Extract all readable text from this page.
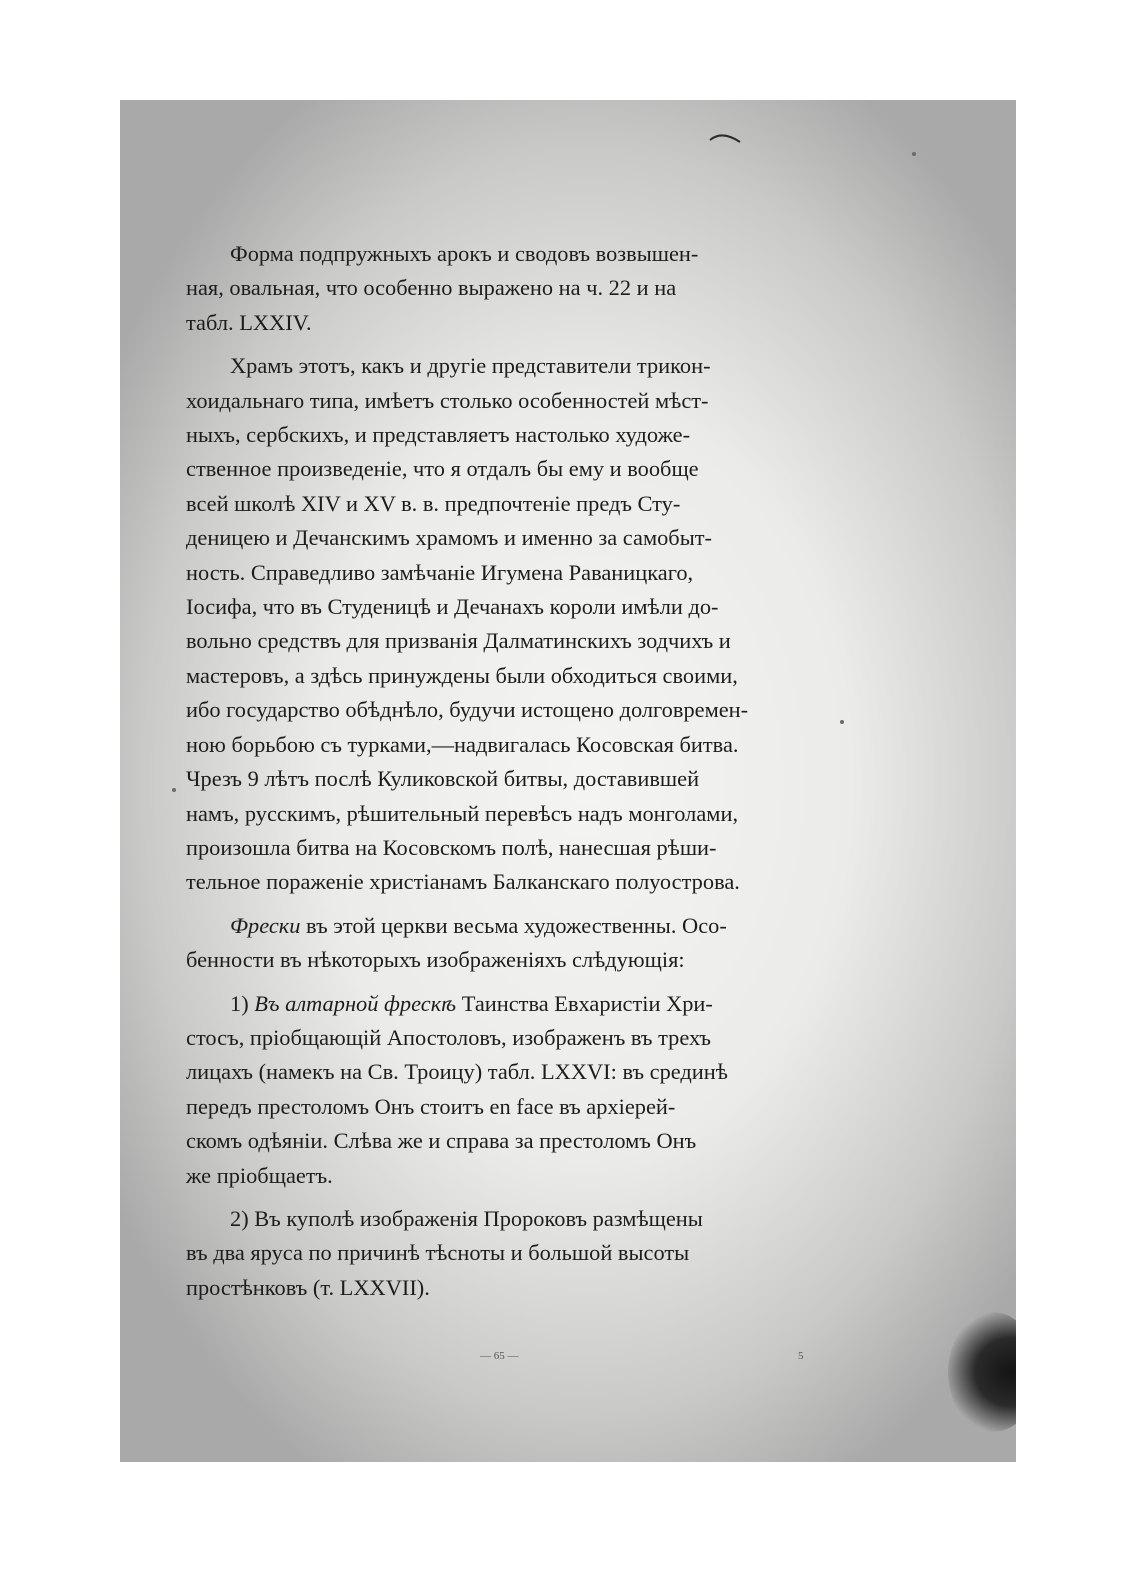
Форма подпружныхъ арокъ и сводовъ возвышен-
ная, овальная, что особенно выражено на ч. 22 и на
табл. LXXIV.
Храмъ этотъ, какъ и другіе представители трикон-
хоидальнаго типа, имѣетъ столько особенностей мѣст-
ныхъ, сербскихъ, и представляетъ настолько художе-
ственное произведеніе, что я отдалъ бы ему и вообще
всей школѣ XIV и XV в. в. предпочтеніе предъ Сту-
деницею и Дечанскимъ храмомъ и именно за самобыт-
ность. Справедливо замѣчаніе Игумена Раваницкаго,
Іосифа, что въ Студеницѣ и Дечанахъ короли имѣли до-
вольно средствъ для призванія Далматинскихъ зодчихъ и
мастеровъ, а здѣсь принуждены были обходиться своими,
ибо государство обѣднѣло, будучи истощено долговремен-
ною борьбою съ турками,—надвигалась Косовская битва.
Чрезъ 9 лѣтъ послѣ Куликовской битвы, доставившей
намъ, русскимъ, рѣшительный перевѣсъ надъ монголами,
произошла битва на Косовскомъ полѣ, нанесшая рѣши-
тельное пораженіе христіанамъ Балканскаго полуострова.
Фрески въ этой церкви весьма художественны. Осо-
бенности въ нѣкоторыхъ изображеніяхъ слѣдующія:
1) Въ алтарной фрескѣ Таинства Евхаристіи Хри-
стосъ, пріобщающій Апостоловъ, изображенъ въ трехъ
лицахъ (намекъ на Св. Троицу) табл. LXXVI: въ срединѣ
передъ престоломъ Онъ стоитъ en face въ архіерей-
скомъ одѣяніи. Слѣва же и справа за престоломъ Онъ
же пріобщаетъ.
2) Въ куполѣ изображенія Пророковъ размѣщены
въ два яруса по причинѣ тѣсноты и большой высоты
простѣнковъ (т. LXXVII).
— 65 —	5
